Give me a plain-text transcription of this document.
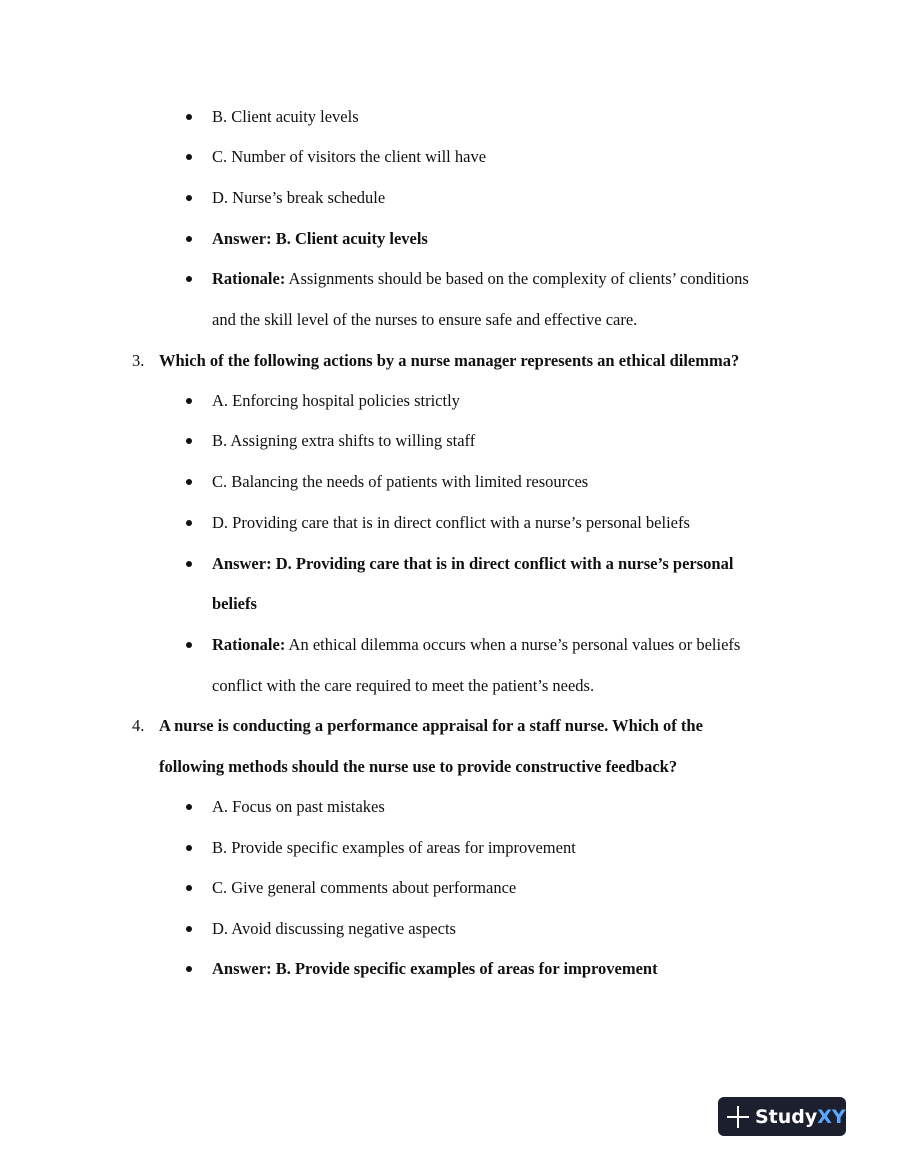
B. Client acuity levels
C. Number of visitors the client will have
D. Nurse’s break schedule
Answer: B. Client acuity levels
Rationale: Assignments should be based on the complexity of clients’ conditions
and the skill level of the nurses to ensure safe and effective care.
3. Which of the following actions by a nurse manager represents an ethical dilemma?
A. Enforcing hospital policies strictly
B. Assigning extra shifts to willing staff
C. Balancing the needs of patients with limited resources
D. Providing care that is in direct conflict with a nurse’s personal beliefs
Answer: D. Providing care that is in direct conflict with a nurse’s personal
beliefs
Rationale: An ethical dilemma occurs when a nurse’s personal values or beliefs
conflict with the care required to meet the patient’s needs.
4. A nurse is conducting a performance appraisal for a staff nurse. Which of the
following methods should the nurse use to provide constructive feedback?
A. Focus on past mistakes
B. Provide specific examples of areas for improvement
C. Give general comments about performance
D. Avoid discussing negative aspects
Answer: B. Provide specific examples of areas for improvement
Study XY
